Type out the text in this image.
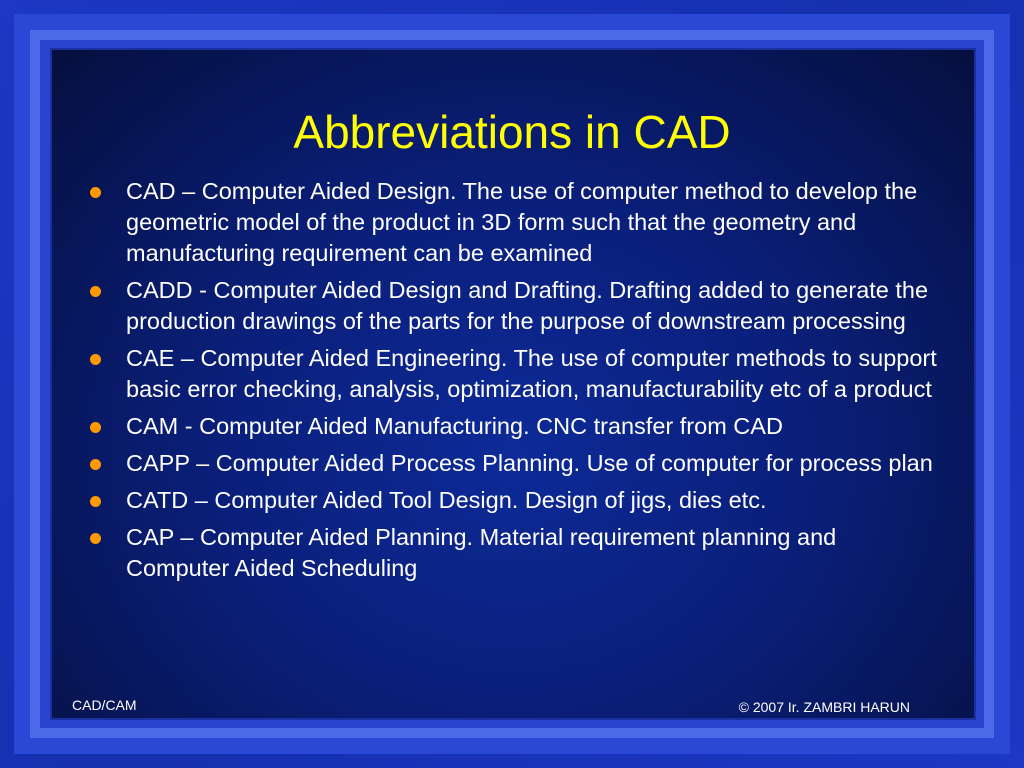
Abbreviations in CAD
CAD – Computer Aided Design. The use of computer method to develop the geometric model of the product in 3D form such that the geometry and manufacturing requirement can be examined
CADD - Computer Aided Design and Drafting. Drafting added to generate the production drawings of the parts for the purpose of downstream processing
CAE – Computer Aided Engineering. The use of computer methods to support basic error checking, analysis, optimization, manufacturability etc of a product
CAM - Computer Aided Manufacturing. CNC transfer from CAD
CAPP – Computer Aided Process Planning. Use of computer for process plan
CATD – Computer Aided Tool Design. Design of jigs, dies etc.
CAP – Computer Aided Planning. Material requirement planning and Computer Aided Scheduling
CAD/CAM	© 2007 Ir. ZAMBRI HARUN
